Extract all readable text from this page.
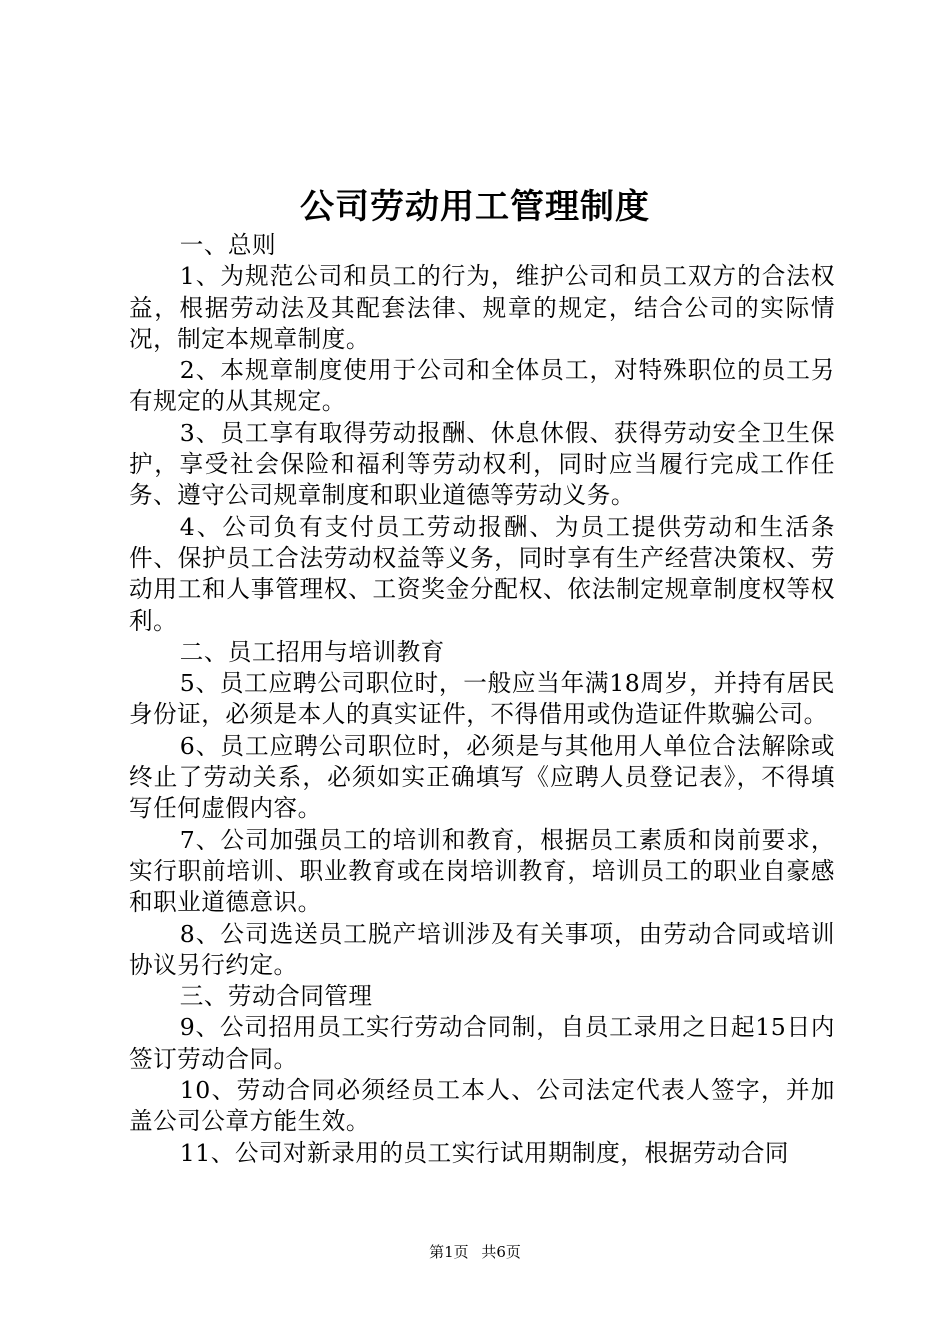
公司劳动用工管理制度

一、总则

1、为规范公司和员工的行为，维护公司和员工双方的合法权益，根据劳动法及其配套法律、规章的规定，结合公司的实际情况，制定本规章制度。

2、本规章制度使用于公司和全体员工，对特殊职位的员工另有规定的从其规定。

3、员工享有取得劳动报酬、休息休假、获得劳动安全卫生保护，享受社会保险和福利等劳动权利，同时应当履行完成工作任务、遵守公司规章制度和职业道德等劳动义务。

4、公司负有支付员工劳动报酬、为员工提供劳动和生活条件、保护员工合法劳动权益等义务，同时享有生产经营决策权、劳动用工和人事管理权、工资奖金分配权、依法制定规章制度权等权利。

二、员工招用与培训教育

5、员工应聘公司职位时，一般应当年满18周岁，并持有居民身份证，必须是本人的真实证件，不得借用或伪造证件欺骗公司。

6、员工应聘公司职位时，必须是与其他用人单位合法解除或终止了劳动关系，必须如实正确填写《应聘人员登记表》，不得填写任何虚假内容。

7、公司加强员工的培训和教育，根据员工素质和岗前要求，实行职前培训、职业教育或在岗培训教育，培训员工的职业自豪感和职业道德意识。

8、公司选送员工脱产培训涉及有关事项，由劳动合同或培训协议另行约定。

三、劳动合同管理

9、公司招用员工实行劳动合同制，自员工录用之日起15日内签订劳动合同。

10、劳动合同必须经员工本人、公司法定代表人签字，并加盖公司公章方能生效。

11、公司对新录用的员工实行试用期制度，根据劳动合同

第1页 共6页
